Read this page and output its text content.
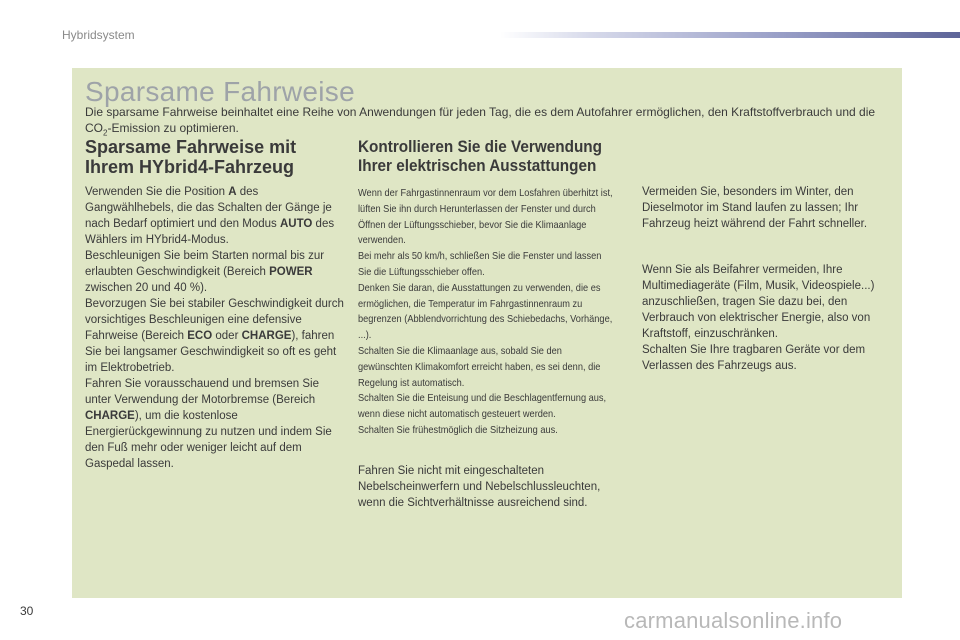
Hybridsystem
Sparsame Fahrweise

Die sparsame Fahrweise beinhaltet eine Reihe von Anwendungen für jeden Tag, die es dem Autofahrer ermöglichen, den Kraftstoffverbrauch und die $CO_2$-Emission zu optimieren.

Sparsame Fahrweise mit Ihrem HYbrid4-Fahrzeug
Kontrollieren Sie die Verwendung Ihrer elektrischen Ausstattungen

Verwenden Sie die Position A des Gangwählhebels, die das Schalten der Gänge je nach Bedarf optimiert und den Modus AUTO des Wählers im HYbrid4-Modus.

Beschleunigen Sie beim Starten normal bis zur erlaubten Geschwindigkeit (Bereich POWER zwischen 20 und 40 %).

Bevorzugen Sie bei stabiler Geschwindigkeit durch vorsichtiges Beschleunigen eine defensive Fahrweise (Bereich ECO oder CHARGE), fahren Sie bei langsamer Geschwindigkeit so oft es geht im Elektrobetrieb.

Fahren Sie vorausschauend und bremsen Sie unter Verwendung der Motorbremse (Bereich CHARGE), um die kostenlose Energierückgewinnung zu nutzen und indem Sie den Fuß mehr oder weniger leicht auf dem Gaspedal lassen.

Wenn der Fahrgastinnenraum vor dem Losfahren überhitzt ist, lüften Sie ihn durch Herunterlassen der Fenster und durch Öffnen der Lüftungsschieber, bevor Sie die Klimaanlage verwenden.

Bei mehr als 50 km/h, schließen Sie die Fenster und lassen Sie die Lüftungsschieber offen.

Denken Sie daran, die Ausstattungen zu verwenden, die es ermöglichen, die Temperatur im Fahrgastinnenraum zu begrenzen (Abblendvorrichtung des Schiebedachs, Vorhänge, ...).

Schalten Sie die Klimaanlage aus, sobald Sie den gewünschten Klimakomfort erreicht haben, es sei denn, die Regelung ist automatisch.

Schalten Sie die Enteisung und die Beschlagentfernung aus, wenn diese nicht automatisch gesteuert werden.

Schalten Sie frühestmöglich die Sitzheizung aus.

Fahren Sie nicht mit eingeschalteten Nebelscheinwerfern und Nebelschlussleuchten, wenn die Sichtverhältnisse ausreichend sind.

Vermeiden Sie, besonders im Winter, den Dieselmotor im Stand laufen zu lassen; Ihr Fahrzeug heizt während der Fahrt schneller.

Wenn Sie als Beifahrer vermeiden, Ihre Multimediageräte (Film, Musik, Videospiele...) anzuschließen, tragen Sie dazu bei, den Verbrauch von elektrischer Energie, also von Kraftstoff, einzuschränken.

Schalten Sie Ihre tragbaren Geräte vor dem Verlassen des Fahrzeugs aus.

30	carmanualsonline.info
